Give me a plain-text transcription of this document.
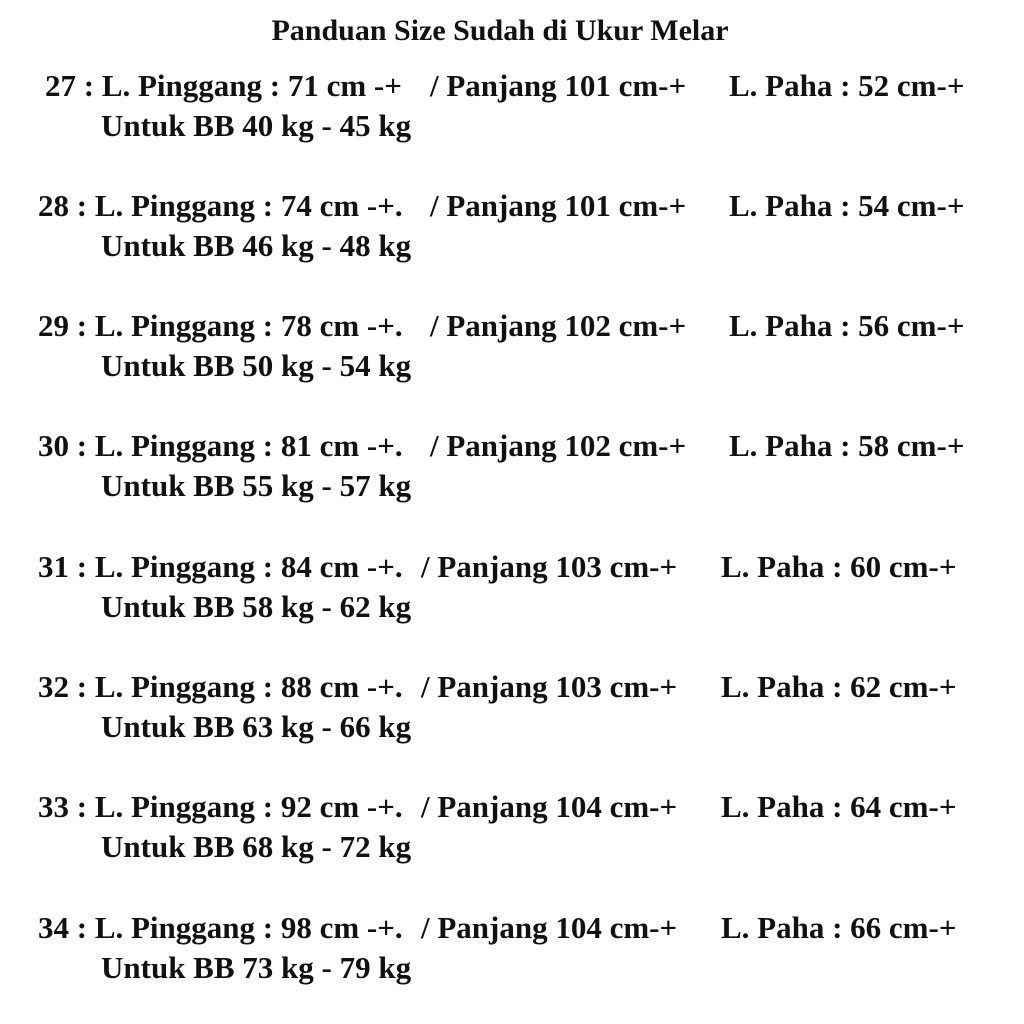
Panduan Size Sudah di Ukur Melar
27 : L. Pinggang : 71 cm -+ / Panjang 101 cm-+ L. Paha : 52 cm-+
Untuk BB 40 kg - 45 kg
28 : L. Pinggang : 74 cm -+. / Panjang 101 cm-+ L. Paha : 54 cm-+
Untuk BB 46 kg - 48 kg
29 : L. Pinggang : 78 cm -+. / Panjang 102 cm-+ L. Paha : 56 cm-+
Untuk BB 50 kg - 54 kg
30 : L. Pinggang : 81 cm -+. / Panjang 102 cm-+ L. Paha : 58 cm-+
Untuk BB 55 kg - 57 kg
31 : L. Pinggang : 84 cm -+. / Panjang 103 cm-+ L. Paha : 60 cm-+
Untuk BB 58 kg - 62 kg
32 : L. Pinggang : 88 cm -+. / Panjang 103 cm-+ L. Paha : 62 cm-+
Untuk BB 63 kg - 66 kg
33 : L. Pinggang : 92 cm -+. / Panjang 104 cm-+ L. Paha : 64 cm-+
Untuk BB 68 kg - 72 kg
34 : L. Pinggang : 98 cm -+. / Panjang 104 cm-+ L. Paha : 66 cm-+
Untuk BB 73 kg - 79 kg
